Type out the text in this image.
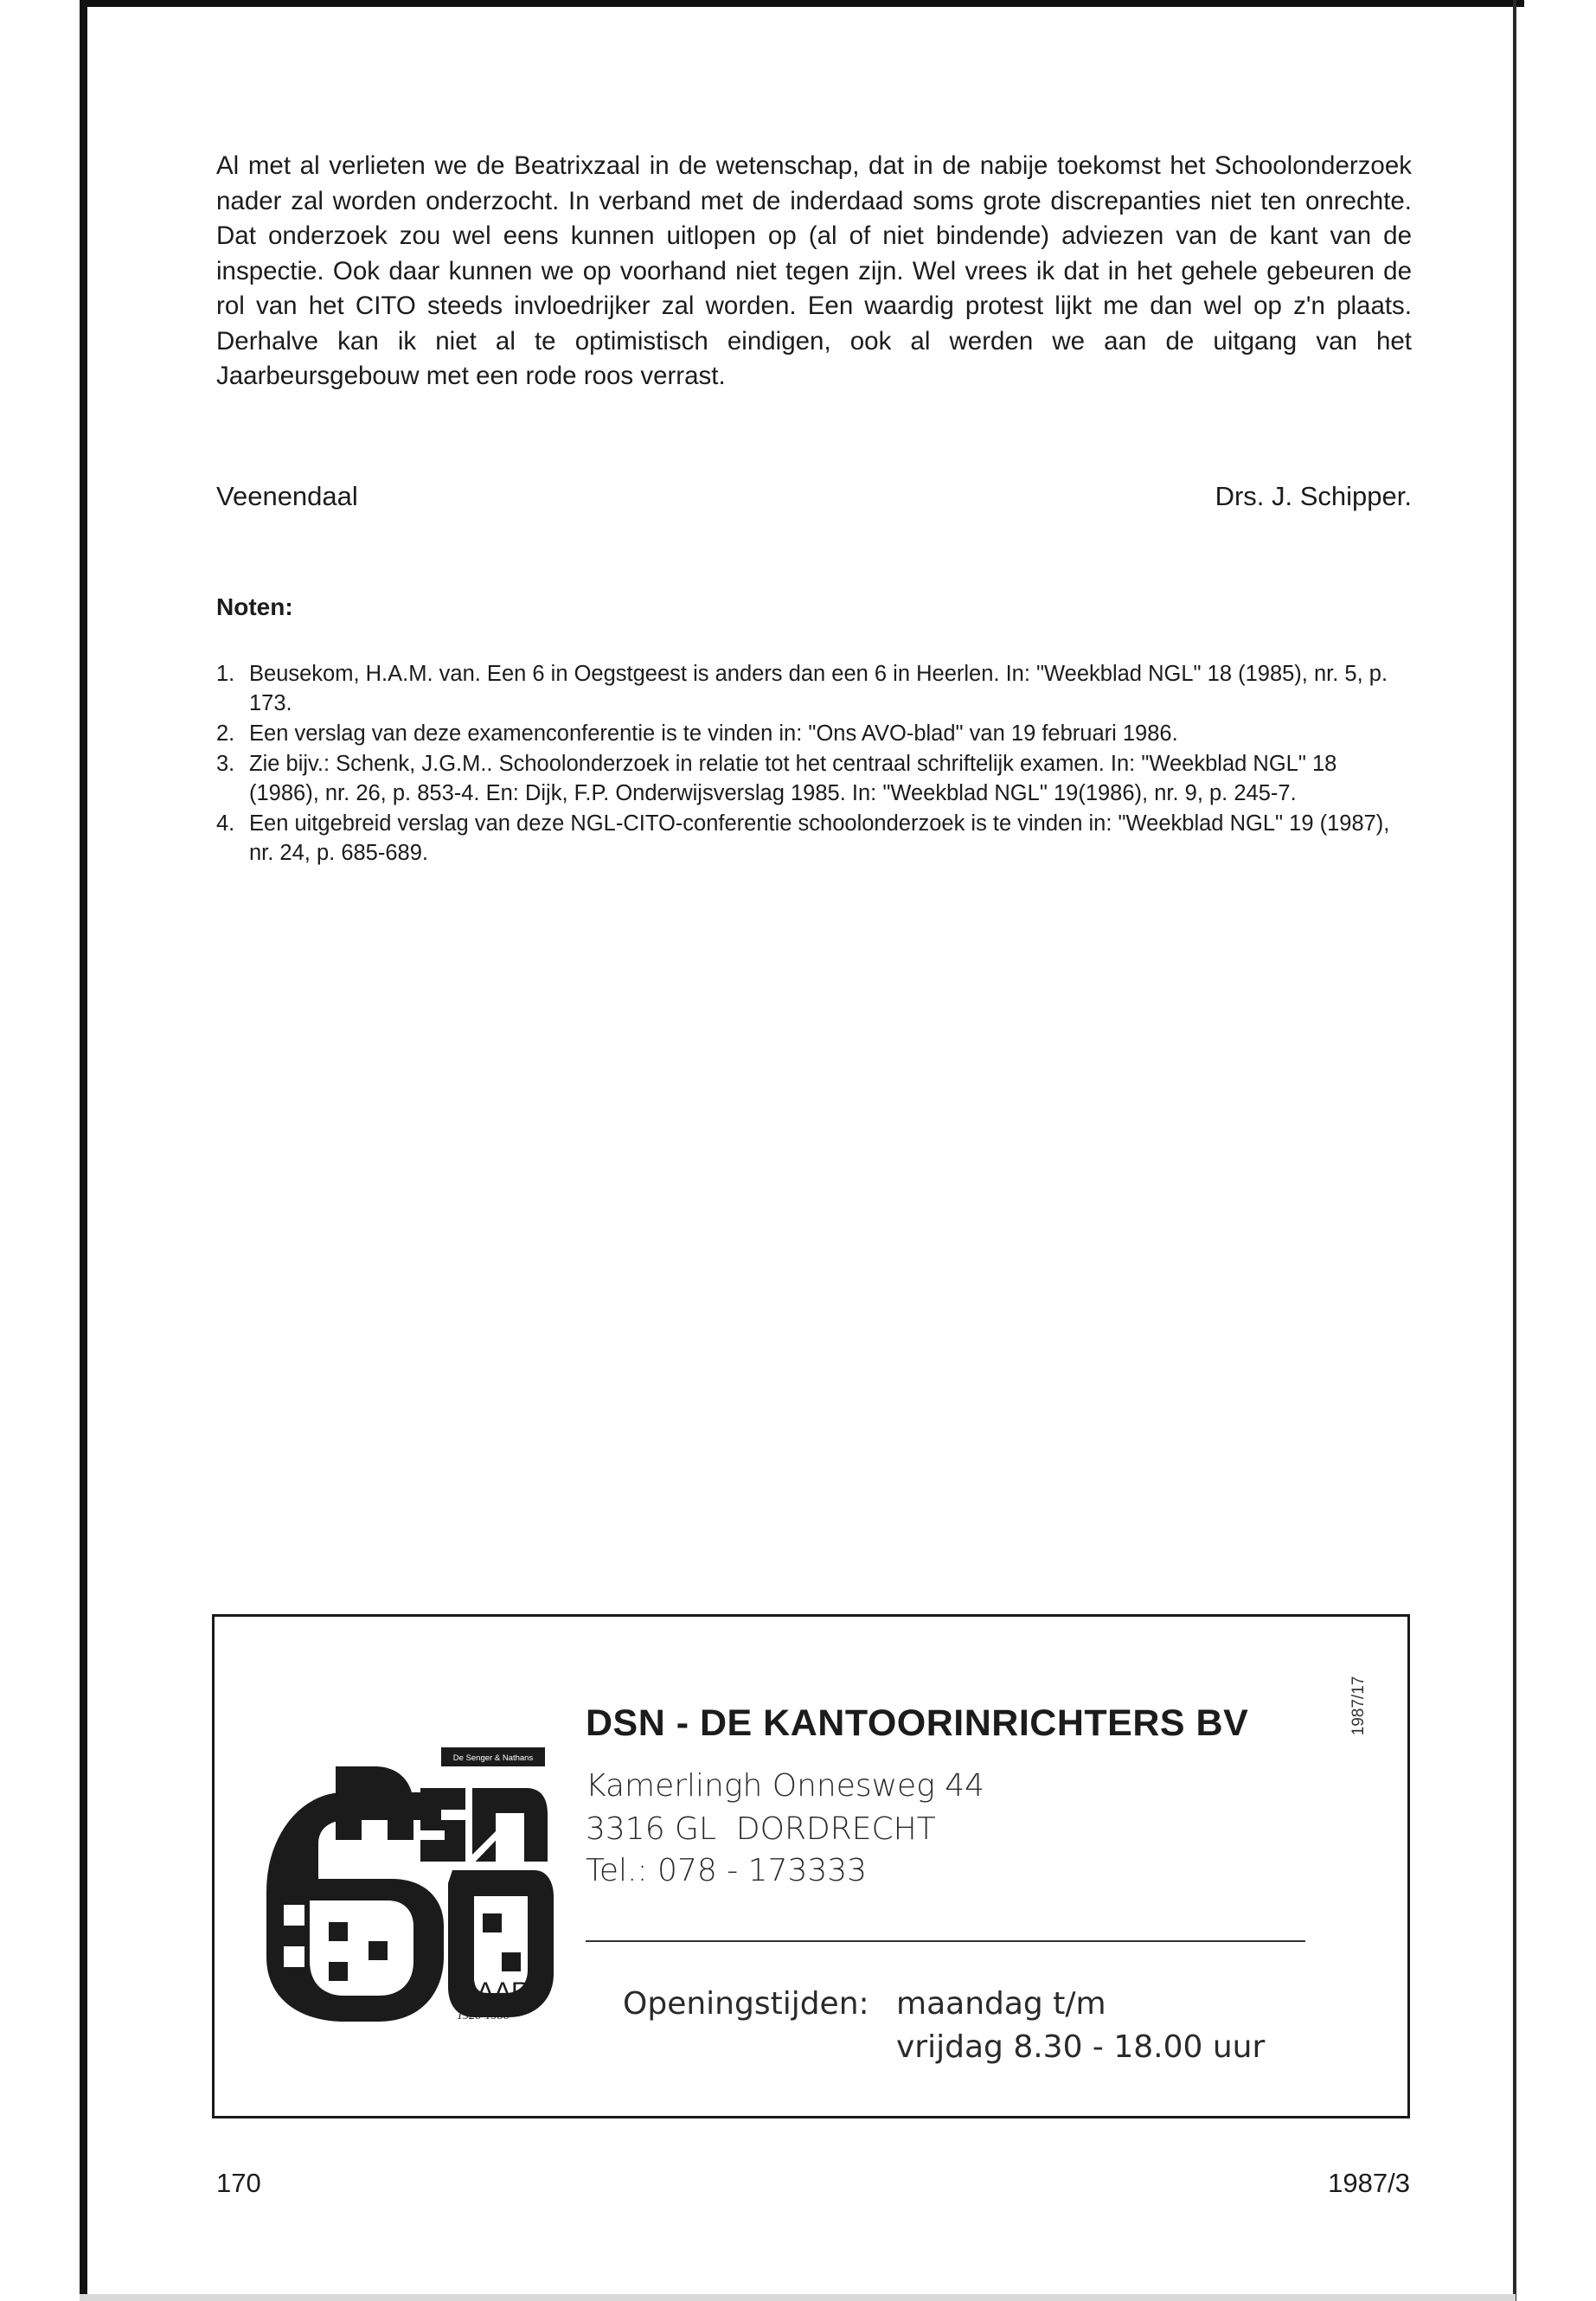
Al met al verlieten we de Beatrixzaal in de wetenschap, dat in de nabije toekomst het Schoolonderzoek nader zal worden onderzocht. In verband met de inderdaad soms grote discrepanties niet ten onrechte. Dat onderzoek zou wel eens kunnen uitlopen op (al of niet bindende) adviezen van de kant van de inspectie. Ook daar kunnen we op voorhand niet tegen zijn. Wel vrees ik dat in het gehele gebeuren de rol van het CITO steeds invloedrijker zal worden. Een waardig protest lijkt me dan wel op z'n plaats. Derhalve kan ik niet al te optimistisch eindigen, ook al werden we aan de uitgang van het Jaarbeursgebouw met een rode roos verrast.

Veenendaal	Drs. J. Schipper.
Noten:
1. Beusekom, H.A.M. van. Een 6 in Oegstgeest is anders dan een 6 in Heerlen. In: "Weekblad NGL" 18 (1985), nr. 5, p. 173.
2. Een verslag van deze examenconferentie is te vinden in: "Ons AVO-blad" van 19 februari 1986.
3. Zie bijv.: Schenk, J.G.M.. Schoolonderzoek in relatie tot het centraal schriftelijk examen. In: "Weekblad NGL" 18 (1986), nr. 26, p. 853-4. En: Dijk, F.P. Onderwijsverslag 1985. In: "Weekblad NGL" 19(1986), nr. 9, p. 245-7.
4. Een uitgebreid verslag van deze NGL-CITO-conferentie schoolonderzoek is te vinden in: "Weekblad NGL" 19 (1987), nr. 24, p. 685-689.
1987/17
De Senger & Nathans
JAAR
1926-1986
DSN - DE KANTOORINRICHTERS BV
Kamerlingh Onnesweg 44
3316 GL  DORDRECHT
Tel.: 078 - 173333
Openingstijden: maandag t/m
vrijdag 8.30 - 18.00 uur
170	1987/3
